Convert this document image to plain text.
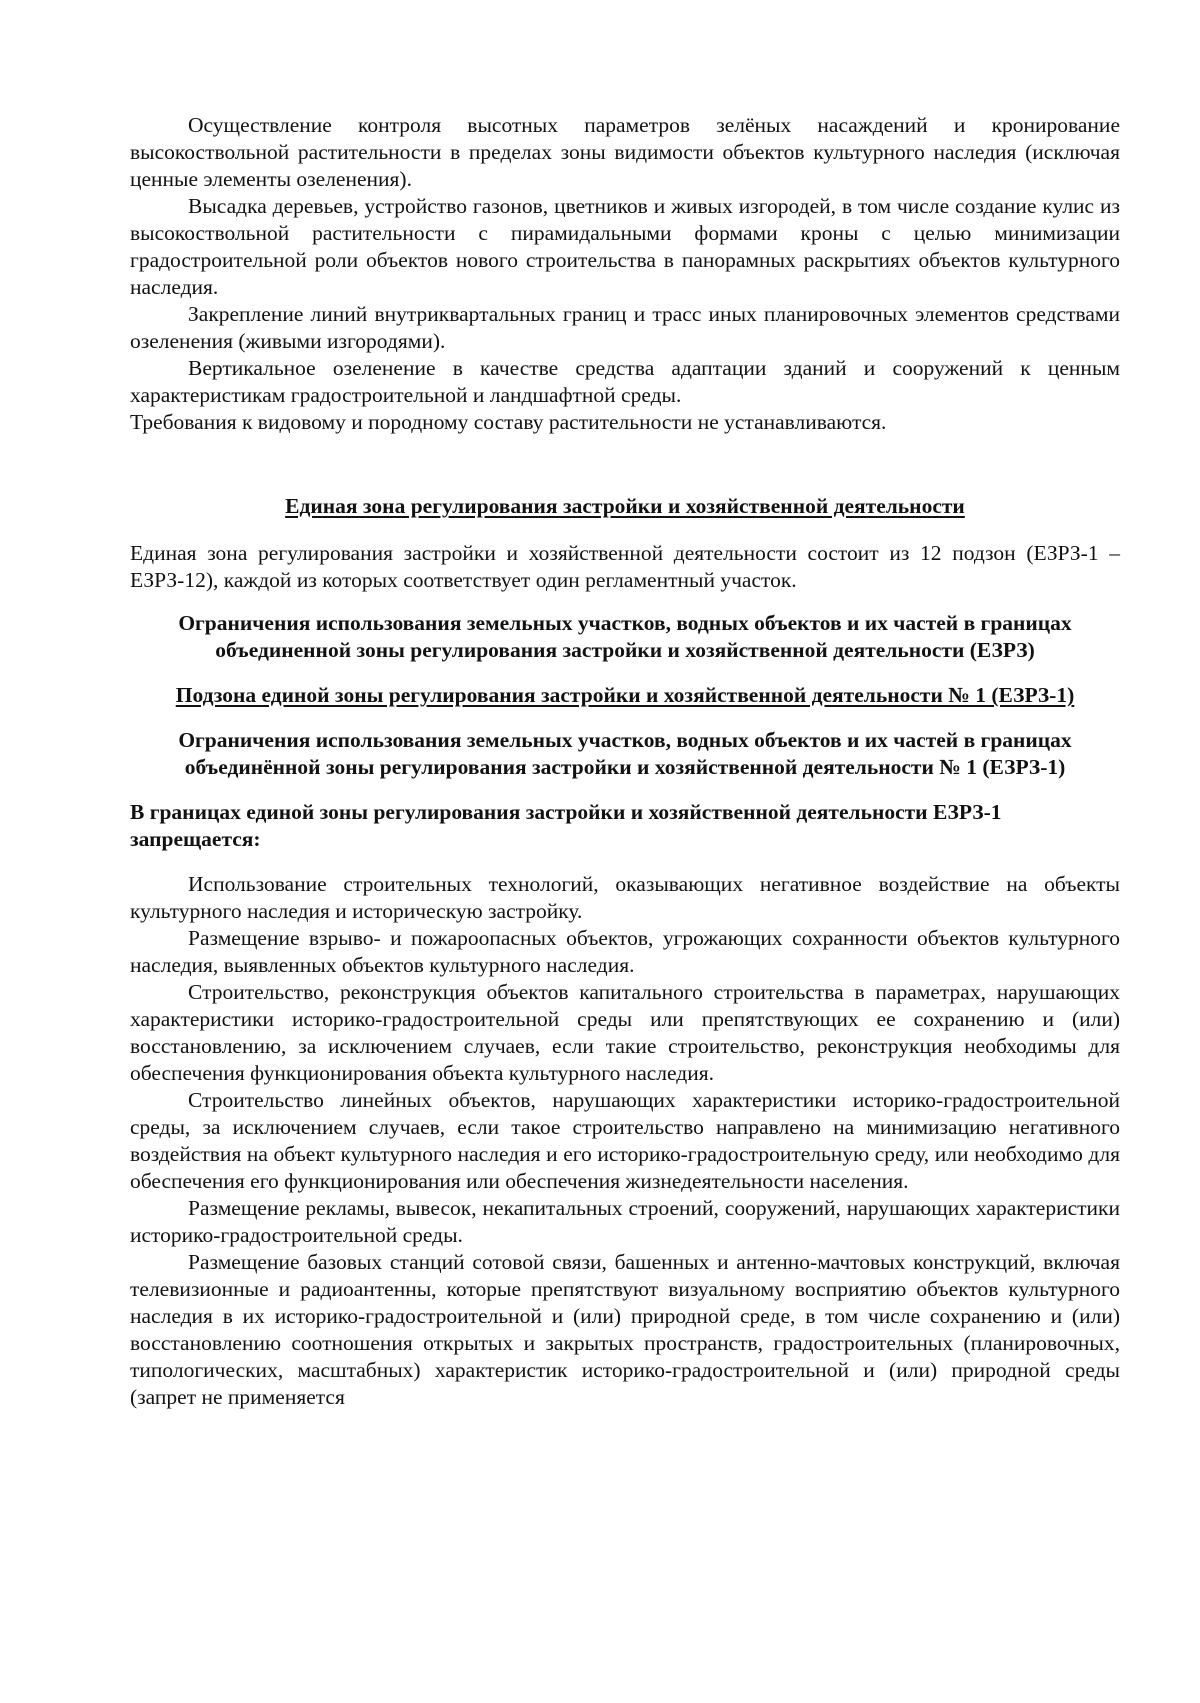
Осуществление контроля высотных параметров зелёных насаждений и кронирование высокоствольной растительности в пределах зоны видимости объектов культурного наследия (исключая ценные элементы озеленения).

Высадка деревьев, устройство газонов, цветников и живых изгородей, в том числе создание кулис из высокоствольной растительности с пирамидальными формами кроны с целью минимизации градостроительной роли объектов нового строительства в панорамных раскрытиях объектов культурного наследия.

Закрепление линий внутриквартальных границ и трасс иных планировочных элементов средствами озеленения (живыми изгородями).

Вертикальное озеленение в качестве средства адаптации зданий и сооружений к ценным характеристикам градостроительной и ландшафтной среды.

Требования к видовому и породному составу растительности не устанавливаются.

Единая зона регулирования застройки и хозяйственной деятельности

Единая зона регулирования застройки и хозяйственной деятельности состоит из 12 подзон (ЕЗРЗ-1 – ЕЗРЗ-12), каждой из которых соответствует один регламентный участок.

Ограничения использования земельных участков, водных объектов и их частей в границах объединенной зоны регулирования застройки и хозяйственной деятельности (ЕЗРЗ)

Подзона единой зоны регулирования застройки и хозяйственной деятельности № 1 (ЕЗРЗ-1)

Ограничения использования земельных участков, водных объектов и их частей в границах объединённой зоны регулирования застройки и хозяйственной деятельности № 1 (ЕЗРЗ-1)

В границах единой зоны регулирования застройки и хозяйственной деятельности ЕЗРЗ-1 запрещается:

Использование строительных технологий, оказывающих негативное воздействие на объекты культурного наследия и историческую застройку.

Размещение взрыво- и пожароопасных объектов, угрожающих сохранности объектов культурного наследия, выявленных объектов культурного наследия.

Строительство, реконструкция объектов капитального строительства в параметрах, нарушающих характеристики историко-градостроительной среды или препятствующих ее сохранению и (или) восстановлению, за исключением случаев, если такие строительство, реконструкция необходимы для обеспечения функционирования объекта культурного наследия.

Строительство линейных объектов, нарушающих характеристики историко-градостроительной среды, за исключением случаев, если такое строительство направлено на минимизацию негативного воздействия на объект культурного наследия и его историко-градостроительную среду, или необходимо для обеспечения его функционирования или обеспечения жизнедеятельности населения.

Размещение рекламы, вывесок, некапитальных строений, сооружений, нарушающих характеристики историко-градостроительной среды.

Размещение базовых станций сотовой связи, башенных и антенно-мачтовых конструкций, включая телевизионные и радиоантенны, которые препятствуют визуальному восприятию объектов культурного наследия в их историко-градостроительной и (или) природной среде, в том числе сохранению и (или) восстановлению соотношения открытых и закрытых пространств, градостроительных (планировочных, типологических, масштабных) характеристик историко-градостроительной и (или) природной среды (запрет не применяется
